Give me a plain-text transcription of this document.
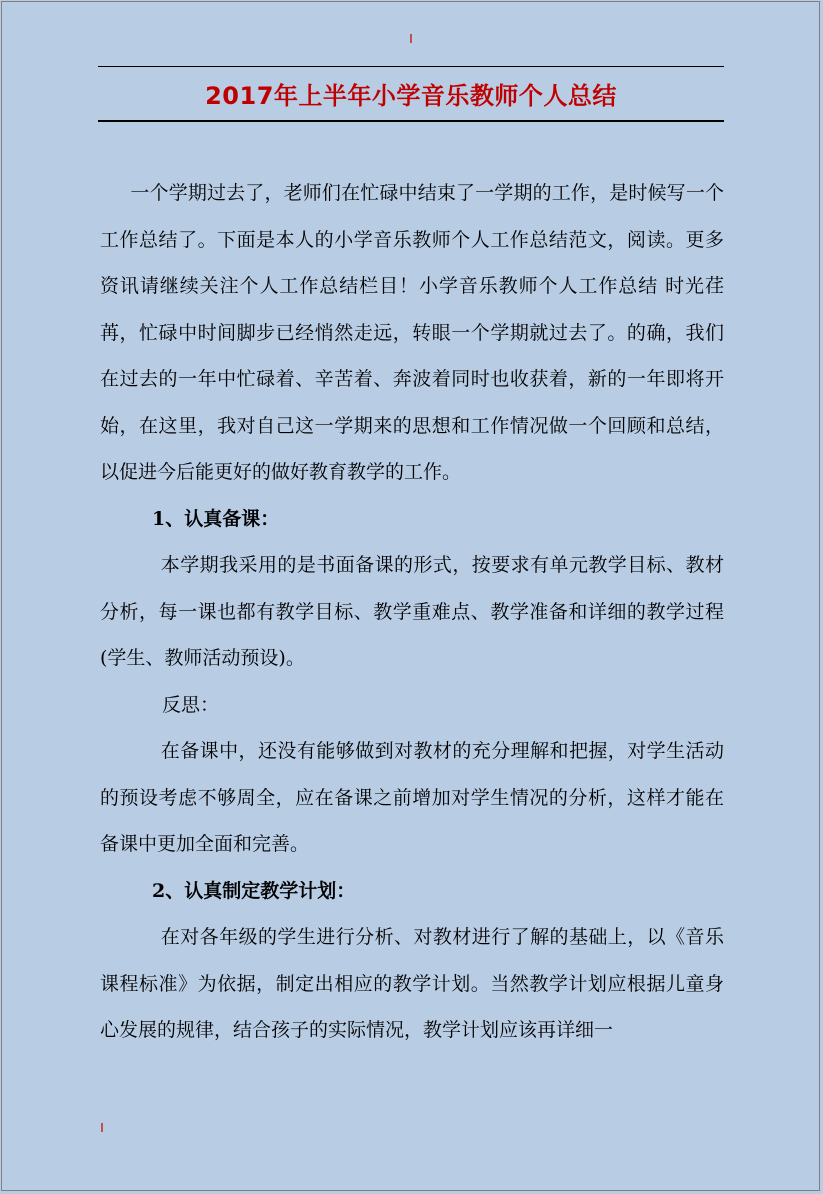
2017年上半年小学音乐教师个人总结

一个学期过去了，老师们在忙碌中结束了一学期的工作，是时候写一个工作总结了。下面是本人的小学音乐教师个人工作总结范文，阅读。更多资讯请继续关注个人工作总结栏目！小学音乐教师个人工作总结 时光荏苒，忙碌中时间脚步已经悄然走远，转眼一个学期就过去了。的确，我们在过去的一年中忙碌着、辛苦着、奔波着同时也收获着，新的一年即将开始，在这里，我对自己这一学期来的思想和工作情况做一个回顾和总结，以促进今后能更好的做好教育教学的工作。

1、认真备课：

本学期我采用的是书面备课的形式，按要求有单元教学目标、教材分析，每一课也都有教学目标、教学重难点、教学准备和详细的教学过程(学生、教师活动预设)。

反思：

在备课中，还没有能够做到对教材的充分理解和把握，对学生活动的预设考虑不够周全，应在备课之前增加对学生情况的分析，这样才能在备课中更加全面和完善。

2、认真制定教学计划：

在对各年级的学生进行分析、对教材进行了解的基础上，以《音乐课程标准》为依据，制定出相应的教学计划。当然教学计划应根据儿童身心发展的规律，结合孩子的实际情况，教学计划应该再详细一
